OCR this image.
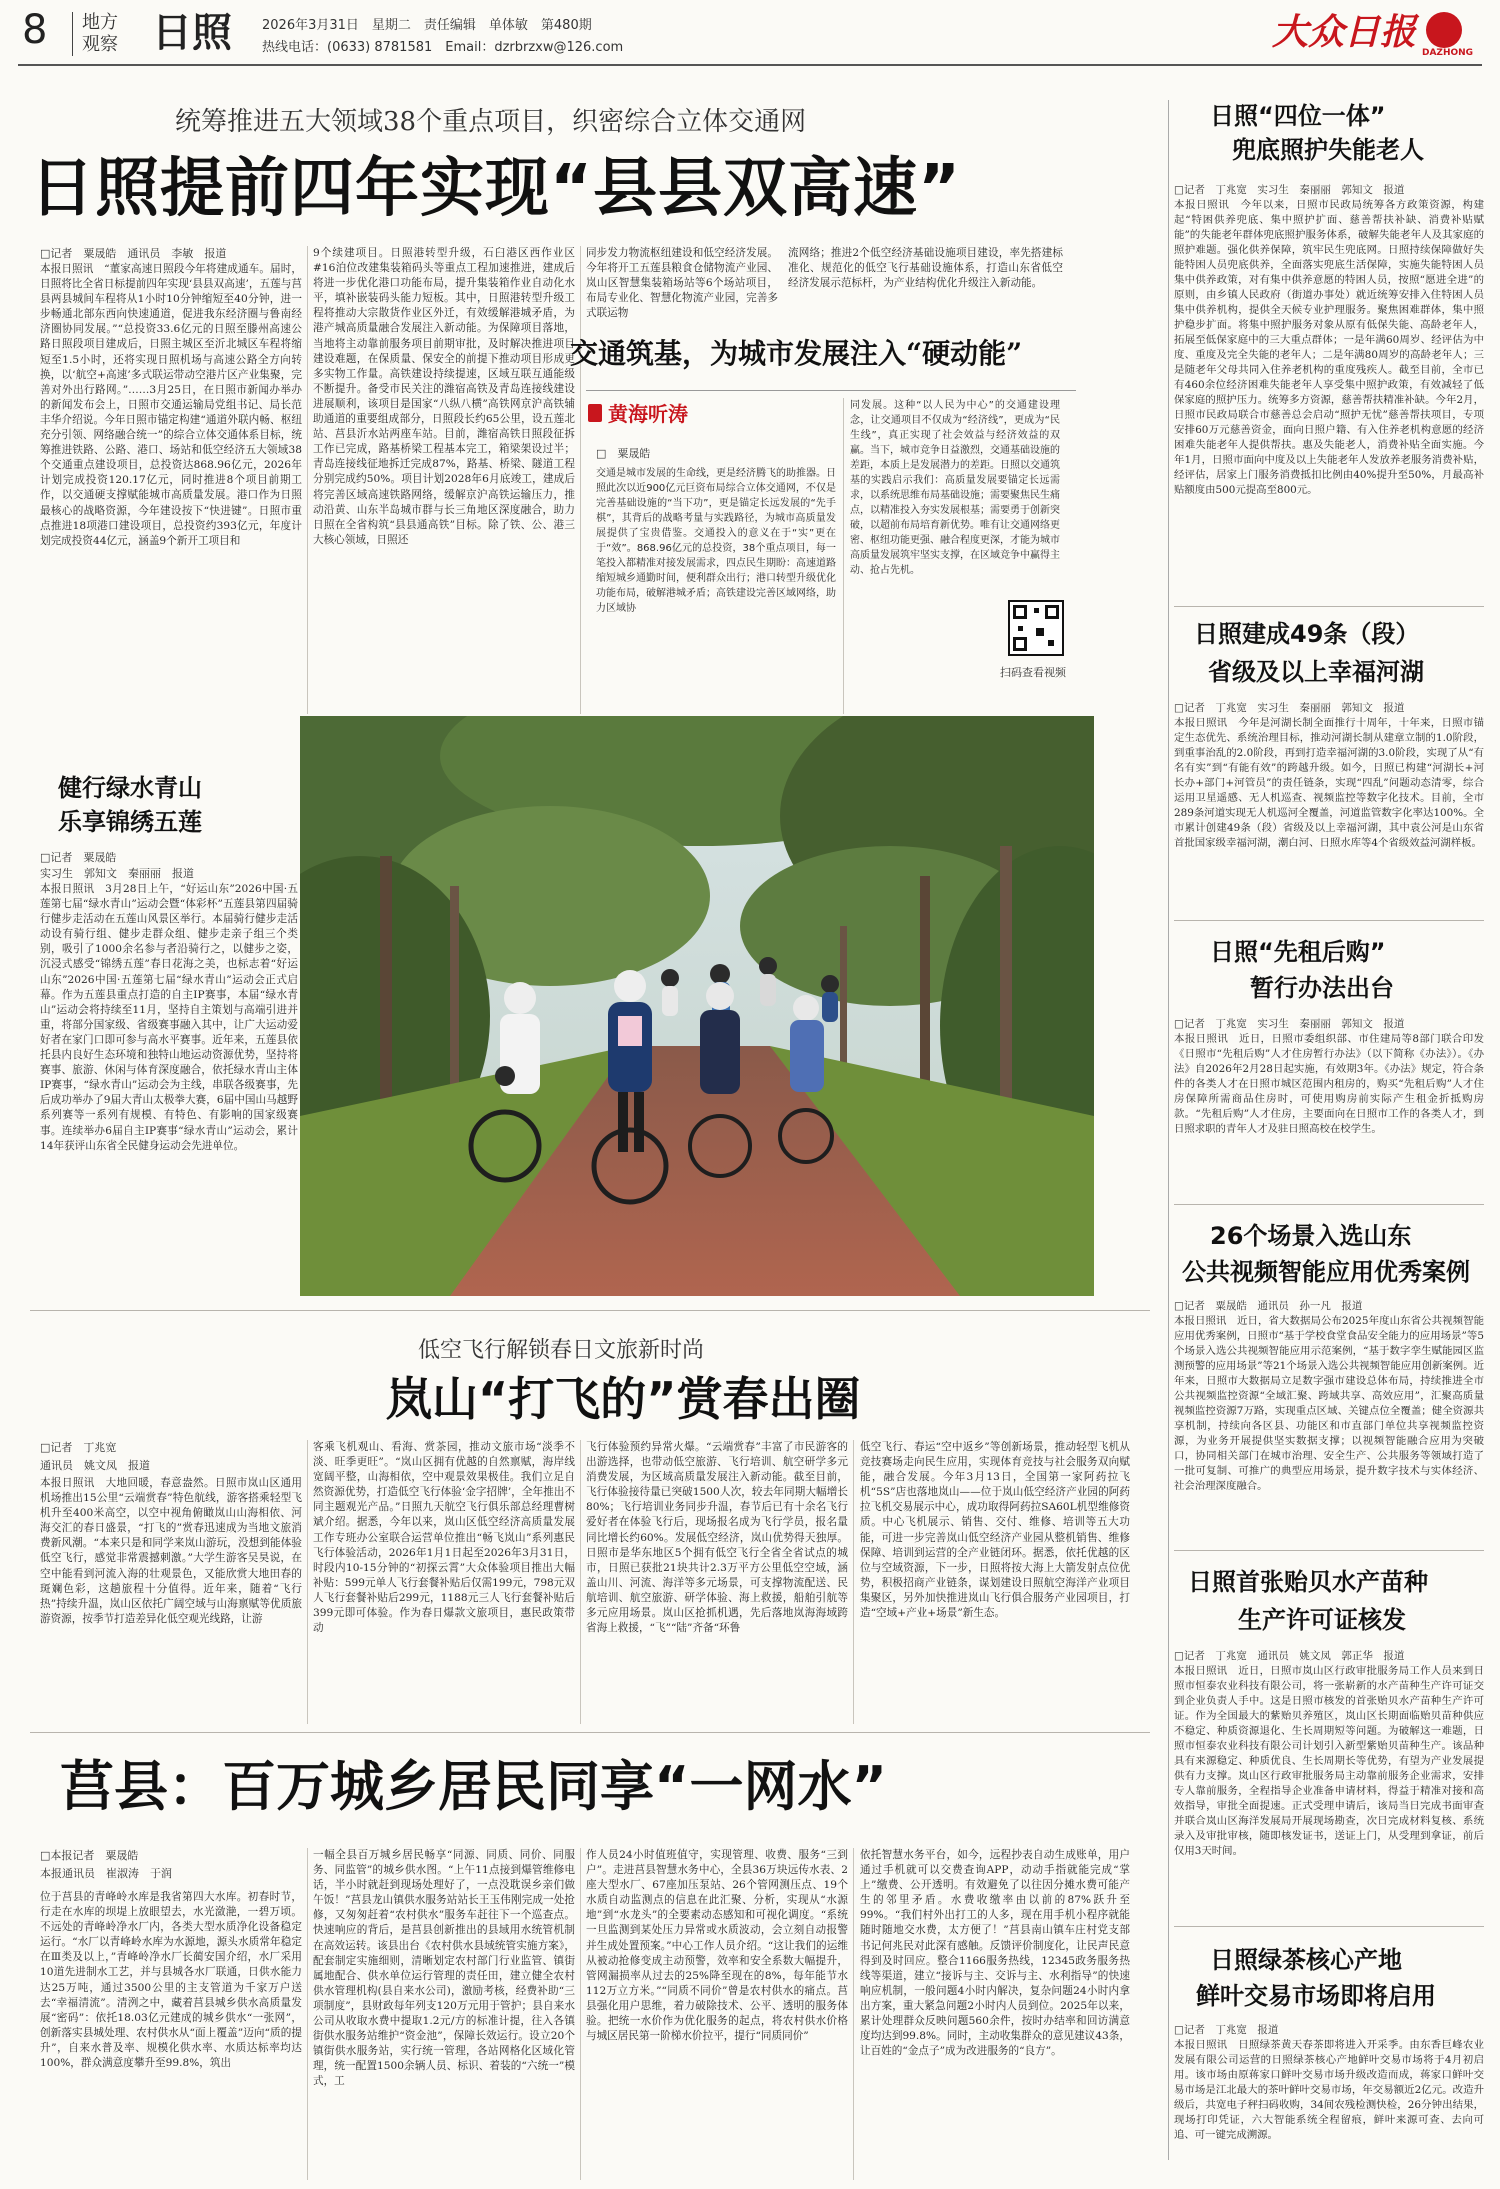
8 地方
观察 日照 2026年3月31日　星期二　责任编辑　单体敏　第480期
热线电话：(0633) 8781581　Email：dzrbrzxw@126.com	大众日报 DAZHONG
统筹推进五大领域38个重点项目，织密综合立体交通网
日照提前四年实现“县县双高速”
□记者　粟晟皓　通讯员　李敏　报道
本报日照讯　“董家高速日照段今年将建成通车。届时，日照将比全省日标提前四年实现‘县县双高速’，五莲与莒县两县城间车程将从1小时10分钟缩短至40分钟，进一步畅通北部东西向快速通道，促进我东经济圈与鲁南经济圈协同发展。”“总投资33.6亿元的日照至滕州高速公路日照段项目建成后，日照主城区至沂北城区车程将缩短至1.5小时，还将实现日照机场与高速公路全方向转换，以‘航空+高速’多式联运带动空港片区产业集聚，完善对外出行路网。”……3月25日，在日照市新闻办举办的新闻发布会上，日照市交通运输局党组书记、局长范丰华介绍说。今年日照市锚定构建“通道外联内畅、枢纽充分引领、网络融合统一”的综合立体交通体系目标，统筹推进铁路、公路、港口、场站和低空经济五大领域38个交通重点建设项目，总投资达868.96亿元，2026年计划完成投资120.17亿元，同时推进8个项目前期工作，以交通硬支撑赋能城市高质量发展。港口作为日照最核心的战略资源，今年建设按下“快进键”。日照市重点推进18项港口建设项目，总投资约393亿元，年度计划完成投资44亿元，涵盖9个新开工项目和
9个续建项目。日照港转型升级，石臼港区西作业区#16泊位改建集装箱码头等重点工程加速推进，建成后将进一步优化港口功能布局，提升集装箱作业自动化水平，填补嵌装码头能力短板。其中，日照港转型升级工程将推动大宗散货作业区外迁，有效缓解港城矛盾，为港产城高质量融合发展注入新动能。为保障项目落地，当地将主动靠前服务项目前期审批，及时解决推进项目建设难题，在保质量、保安全的前提下推动项目形成更多实物工作量。高铁建设持续提速，区域互联互通能级不断提升。备受市民关注的潍宿高铁及青岛连接线建设进展顺利，该项目是国家“八纵八横”高铁网京沪高铁辅助通道的重要组成部分，日照段长约65公里，设五莲北站、莒县沂水站两座车站。目前，潍宿高铁日照段征拆工作已完成，路基桥梁工程基本完工，箱梁架设过半；青岛连接线征地拆迁完成87%，路基、桥梁、隧道工程分别完成约50%。项目计划2028年6月底竣工，建成后将完善区域高速铁路网络，缓解京沪高铁运输压力，推动沿黄、山东半岛城市群与长三角地区深度融合，助力日照在全省构筑“县县通高铁”目标。除了铁、公、港三大核心领域，日照还
同步发力物流枢纽建设和低空经济发展。今年将开工五莲县粮食仓储物流产业园、岚山区智慧集装箱场站等6个场站项目，布局专业化、智慧化物流产业园，完善多式联运物
流网络；推进2个低空经济基础设施项目建设，率先搭建标准化、规范化的低空飞行基础设施体系，打造山东省低空经济发展示范标杆，为产业结构优化升级注入新动能。
交通筑基，为城市发展注入“硬动能”
黄海听涛
□　粟晟皓
交通是城市发展的生命线，更是经济腾飞的助推器。日照此次以近900亿元巨资布局综合立体交通网，不仅是完善基础设施的“当下功”，更是锚定长远发展的“先手棋”，其背后的战略考量与实践路径，为城市高质量发展提供了宝贵借鉴。交通投入的意义在于“实”更在于“效”。868.96亿元的总投资，38个重点项目，每一笔投入都精准对接发展需求，四点民生期盼：高速道路缩短城乡通勤时间，便利群众出行；港口转型升级优化功能布局，破解港城矛盾；高铁建设完善区域网络，助力区域协
同发展。这种“以人民为中心”的交通建设理念，让交通项目不仅成为“经济线”，更成为“民生线”，真正实现了社会效益与经济效益的双赢。当下，城市竞争日益激烈，交通基础设施的差距，本质上是发展潜力的差距。日照以交通筑基的实践启示我们：高质量发展要锚定长远需求，以系统思维布局基础设施；需要聚焦民生痛点，以精准投入夯实发展根基；需要勇于创新突破，以超前布局培育新优势。唯有让交通网络更密、枢纽功能更强、融合程度更深，才能为城市高质量发展筑牢坚实支撑，在区域竞争中赢得主动、抢占先机。
扫码查看视频
日照“四位一体”
兜底照护失能老人
□记者　丁兆宽　实习生　秦丽丽　郭知文　报道
本报日照讯　今年以来，日照市民政局统筹各方政策资源，构建起“特困供养兜底、集中照护扩面、慈善帮扶补缺、消费补贴赋能”的失能老年群体兜底照护服务体系，破解失能老年人及其家庭的照护难题。强化供养保障，筑牢民生兜底网。日照持续保障做好失能特困人员兜底供养，全面落实兜底生活保障，实施失能特困人员集中供养政策，对有集中供养意愿的特困人员，按照“愿进全进”的原则，由乡镇人民政府（街道办事处）就近统筹安排入住特困人员集中供养机构，提供全天候专业护理服务。聚焦困难群体，集中照护稳步扩面。将集中照护服务对象从原有低保失能、高龄老年人，拓展至低保家庭中的三大重点群体；一是年满60周岁、经评估为中度、重度及完全失能的老年人；二是年满80周岁的高龄老年人；三是随老年父母共同入住养老机构的重度残疾人。截至目前，全市已有460余位经济困难失能老年人享受集中照护政策，有效减轻了低保家庭的照护压力。统筹多方资源，慈善帮扶精准补缺。今年2月，日照市民政局联合市慈善总会启动“照护无忧”慈善帮扶项目，专项安排60万元慈善资金，面向日照户籍、有入住养老机构意愿的经济困难失能老年人提供帮扶。惠及失能老人，消费补贴全面实施。今年1月，日照市面向中度及以上失能老年人发放养老服务消费补贴，经评估，居家上门服务消费抵扣比例由40%提升至50%，月最高补贴额度由500元提高至800元。
日照建成49条（段）
省级及以上幸福河湖
□记者　丁兆宽　实习生　秦丽丽　郭知文　报道
本报日照讯　今年是河湖长制全面推行十周年，十年来，日照市锚定生态优先、系统治理目标，推动河湖长制从建章立制的1.0阶段，到重事治乱的2.0阶段，再到打造幸福河湖的3.0阶段，实现了从“有名有实”到“有能有效”的跨越升级。如今，日照已构建“河湖长+河长办+部门+河管员”的责任链条，实现“四乱”问题动态清零，综合运用卫星遥感、无人机巡查、视频监控等数字化技术。目前，全市289条河道实现无人机巡河全覆盖，河道监管数字化率达100%。全市累计创建49条（段）省级及以上幸福河湖，其中袁公河是山东省首批国家级幸福河湖，潮白河、日照水库等4个省级效益河湖样板。
日照“先租后购”
暂行办法出台
□记者　丁兆宽　实习生　秦丽丽　郭知文　报道
本报日照讯　近日，日照市委组织部、市住建局等8部门联合印发《日照市“先租后购”人才住房暂行办法》（以下简称《办法》）。《办法》自2026年2月28日起实施，有效期3年。《办法》规定，符合条件的各类人才在日照市城区范围内租房的，购买“先租后购”人才住房保障所需商品住房时，可使用购房前实际产生租金折抵购房款。“先租后购”人才住房，主要面向在日照市工作的各类人才，到日照求职的青年人才及驻日照高校在校学生。
26个场景入选山东
公共视频智能应用优秀案例
□记者　粟晟皓　通讯员　孙一凡　报道
本报日照讯　近日，省大数据局公布2025年度山东省公共视频智能应用优秀案例，日照市“基于学校食堂食品安全能力的应用场景”等5个场景入选公共视频智能应用示范案例，“基于数字孪生赋能园区监测预警的应用场景”等21个场景入选公共视频智能应用创新案例。近年来，日照市大数据局立足数字强市建设总体布局，持续推进全市公共视频监控资源“全域汇聚、跨域共享、高效应用”，汇聚高质量视频监控资源7万路，实现重点区域、关键点位全覆盖；健全资源共享机制，持续向各区县、功能区和市直部门单位共享视频监控资源，为业务开展提供坚实数据支撑；以视频智能融合应用为突破口，协同相关部门在城市治理、安全生产、公共服务等领域打造了一批可复制、可推广的典型应用场景，提升数字技术与实体经济、社会治理深度融合。
日照首张贻贝水产苗种
生产许可证核发
□记者　丁兆宽　通讯员　姚文凤　郭正华　报道
本报日照讯　近日，日照市岚山区行政审批服务局工作人员来到日照市恒泰农业科技有限公司，将一张崭新的水产苗种生产许可证交到企业负责人手中。这是日照市核发的首张贻贝水产苗种生产许可证。作为全国最大的紫贻贝养殖区，岚山区长期面临贻贝苗种供应不稳定、种质资源退化、生长周期短等问题。为破解这一难题，日照市恒泰农业科技有限公司计划引入新型紫贻贝苗种生产。该品种具有来源稳定、种质优良、生长周期长等优势，有望为产业发展提供有力支撑。岚山区行政审批服务局主动靠前服务企业需求，安排专人靠前服务，全程指导企业准备申请材料，得益于精准对接和高效指导，审批全面提速。正式受理申请后，该局当日完成书面审查并联合岚山区海洋发展局开展现场勘查，次日完成材料复核、系统录入及审批审核，随即核发证书，送证上门，从受理到拿证，前后仅用3天时间。
日照绿茶核心产地
鲜叶交易市场即将启用
□记者　丁兆宽　报道
本报日照讯　日照绿茶黄天春茶即将进入开采季。由东香巨峰农业发展有限公司运营的日照绿茶核心产地鲜叶交易市场将于4月初启用。该市场由原蒋家口鲜叶交易市场升级改造而成，蒋家口鲜叶交易市场是江北最大的茶叶鲜叶交易市场，年交易额近2亿元。改造升级后，共宽电子秤扫码收购，34间农残检测快检，26分钟出结果，现场打印凭证，六大智能系统全程留痕，鲜叶来源可查、去向可追、可一键完成溯源。
健行绿水青山
乐享锦绣五莲
□记者　粟晟皓
实习生　郭知文　秦丽丽　报道
本报日照讯　3月28日上午，“好运山东”2026中国·五莲第七届“绿水青山”运动会暨“体彩杯”五莲县第四届骑行健步走活动在五莲山风景区举行。本届骑行健步走活动设有骑行组、健步走群众组、健步走亲子组三个类别，吸引了1000余名参与者沿骑行之，以健步之姿，沉浸式感受“锦绣五莲”春日花海之美，也标志着“好运山东”2026中国·五莲第七届“绿水青山”运动会正式启幕。作为五莲县重点打造的自主IP赛事，本届“绿水青山”运动会将持续至11月，坚持自主策划与高端引进并重，将部分国家级、省级赛事融入其中，让广大运动爱好者在家门口即可参与高水平赛事。近年来，五莲县依托县内良好生态环境和独特山地运动资源优势，坚持将赛事、旅游、休闲与体育深度融合，依托绿水青山主体IP赛事，“绿水青山”运动会为主线，串联各级赛事，先后成功举办了9届大青山太极拳大赛，6届中国山马越野系列赛等一系列有规模、有特色、有影响的国家级赛事。连续举办6届自主IP赛事“绿水青山”运动会，累计14年获评山东省全民健身运动会先进单位。
低空飞行解锁春日文旅新时尚
岚山“打飞的”赏春出圈
□记者　丁兆宽
通讯员　姚文凤　报道
本报日照讯　大地回暖，春意盎然。日照市岚山区通用机场推出15公里“云端赏春”特色航线，游客搭乘轻型飞机升至400米高空，以空中视角俯瞰岚山山海相依、河海交汇的春日盛景，“打飞的”赏春迅速成为当地文旅消费新风潮。“本来只是和同学来岚山游玩，没想到能体验低空飞行，感觉非常震撼刺激。”大学生游客吴昊说，在空中能看到河流入海的壮观景色，又能欣赏大地田春的斑斓色彩，这趟旅程十分值得。近年来，随着“飞行热”持续升温，岚山区依托广阔空域与山海禀赋等优质旅游资源，按季节打造差异化低空观光线路，让游
客乘飞机观山、看海、赏茶园，推动文旅市场“淡季不淡、旺季更旺”。“岚山区拥有优越的自然禀赋，海岸线宽阔平整，山海相依，空中观景效果极佳。我们立足自然资源优势，打造低空飞行体验‘金字招牌’，全年推出不同主题观光产品。”日照九天航空飞行俱乐部总经理曹树斌介绍。据悉，今年以来，岚山区低空经济高质量发展工作专班办公室联合运营单位推出“畅飞岚山”系列惠民飞行体验活动，2026年1月1日起至2026年3月31日，时段内10-15分钟的“初探云霄”大众体验项目推出大幅补贴：599元单人飞行套餐补贴后仅需199元，798元双人飞行套餐补贴后299元，1188元三人飞行套餐补贴后399元即可体验。作为春日爆款文旅项目，惠民政策带动
飞行体验预约异常火爆。“云端赏春”丰富了市民游客的出游选择，也带动低空旅游、飞行培训、航空研学多元消费发展，为区域高质量发展注入新动能。截至目前，飞行体验接待量已突破1500人次，较去年同期大幅增长80%；飞行培训业务同步升温，春节后已有十余名飞行爱好者在体验飞行后，现场报名成为飞行学员，报名量同比增长约60%。发展低空经济，岚山优势得天独厚。日照市是华东地区5个拥有低空飞行全省全省试点的城市，日照已获批21块共计2.3万平方公里低空空域，涵盖山川、河流、海洋等多元场景，可支撑物流配送、民航培训、航空旅游、研学体验、海上救援，船舶引航等多元应用场景。岚山区抢抓机遇，先后落地岚海海域跨省海上救援，“飞”“陆”齐备“环鲁
低空飞行、春运“空中返乡”等创新场景，推动轻型飞机从竞技赛场走向民生应用，实现体育竞技与社会服务双向赋能，融合发展。今年3月13日，全国第一家阿药拉飞机“5S”店也落地岚山——位于岚山低空经济产业园的阿药拉飞机交易展示中心，成功取得阿药拉SA60L机型维修资质。中心飞机展示、销售、交付、维修、培训等五大功能，可进一步完善岚山低空经济产业园从整机销售、维修保障、培训到运营的全产业链闭环。据悉，依托优越的区位与空域资源，下一步，日照将按大海上大箭发射点位优势，积极招商产业链条，谋划建设日照航空海洋产业项目集聚区，另外加快推进岚山飞行俱合服务产业园项目，打造“空域+产业+场景”新生态。
莒县：百万城乡居民同享“一网水”
□本报记者　粟晟皓
本报通讯员　崔淑涛　于润
位于莒县的青峰岭水库是我省第四大水库。初春时节，行走在水库的坝堤上放眼望去，水光潋滟，一碧万顷。不远处的青峰岭净水厂内，各类大型水质净化设备稳定运行。“水厂以青峰岭水库为水源地，源头水质常年稳定在Ⅲ类及以上，”青峰岭净水厂长蔺安国介绍，水厂采用10道先进制水工艺，并与县城各水厂联通，日供水能力达25万吨，通过3500公里的主支管道为千家万户送去“幸福清流”。清洌之中，藏着莒县城乡供水高质量发展“密码”：依托18.03亿元建成的城乡供水“一张网”，创新落实县城处理、农村供水从“面上覆盖”迈向“质的提升”，自来水普及率、规模化供水率、水质达标率均达100%，群众满意度攀升至99.8%，筑出
一幅全县百万城乡居民畅享“同源、同质、同价、同服务、同监管”的城乡供水图。“上午11点接到爆管维修电话，半小时就赶到现场处理好了，一点没耽误乡亲们做午饭！”莒县龙山镇供水服务站站长王玉伟刚完成一处抢修，又匆匆赶着“农村供水”服务车赶往下一个巡查点。快速响应的背后，是莒县创新推出的县域用水统管机制在高效运转。该县出台《农村供水县域统管实施方案》，配套制定实施细则，清晰划定农村部门行业监管、镇街属地配合、供水单位运行管理的责任田，建立健全农村供水管理机构(县自来水公司)，激励考核，经费补助“三项制度”，县财政每年列支120万元用于管护；县自来水公司从收取水费中提取1.2元/方的标准计提，往入各镇街供水服务站维护“资金池”，保障长效运行。设立20个镇街供水服务站，实行统一管理，各站网格化区域化管理，统一配置1500余辆人员、标识、着装的“六统一”模式，工
作人员24小时值班值守，实现管理、收费、服务“三到户”。走进莒县智慧水务中心，全县36万块远传水表、2座大型水厂、67座加压泵站、26个管网测压点、19个水质自动监测点的信息在此汇聚、分析，实现从“水源地”到“水龙头”的全要素动态感知和可视化调度。“系统一旦监测到某处压力异常或水质波动，会立刻自动报警并生成处置预案。”中心工作人员介绍。“这让我们的运维从被动抢修变成主动预警，效率和安全系数大幅提升，管网漏损率从过去的25%降至现在的8%，每年能节水112万立方米。”“同质不同价”曾是农村供水的痛点。莒县强化用户思维，着力破除技术、公平、透明的服务体验。把统一水价作为优化服务的起点，将农村供水价格与城区居民第一阶梯水价拉平，提行“同质同价”
依托智慧水务平台，如今，远程抄表自动生成账单，用户通过手机就可以交费查询APP，动动手指就能完成“掌上”缴费、公开透明。有效避免了以往因分摊水费可能产生的邻里矛盾。水费收缴率由以前的87%跃升至99%。“我们村外出打工的人多，现在用手机小程序就能随时随地交水费，太方便了！”莒县南山镇车庄村党支部书记何兆民对此深有感触。反馈评价制度化，让民声民意得到及时回应。整合1166服务热线，12345政务服务热线等渠道，建立“接诉与主、交诉与主、水利指导”的快速响应机制，一般问题4小时内解决，复杂问题24小时内拿出方案，重大紧急问题2小时内人员到位。2025年以来，累计处理群众反映问题560余件，按时办结率和回访满意度均达到99.8%。同时，主动收集群众的意见建议43条，让百姓的“金点子”成为改进服务的“良方”。
